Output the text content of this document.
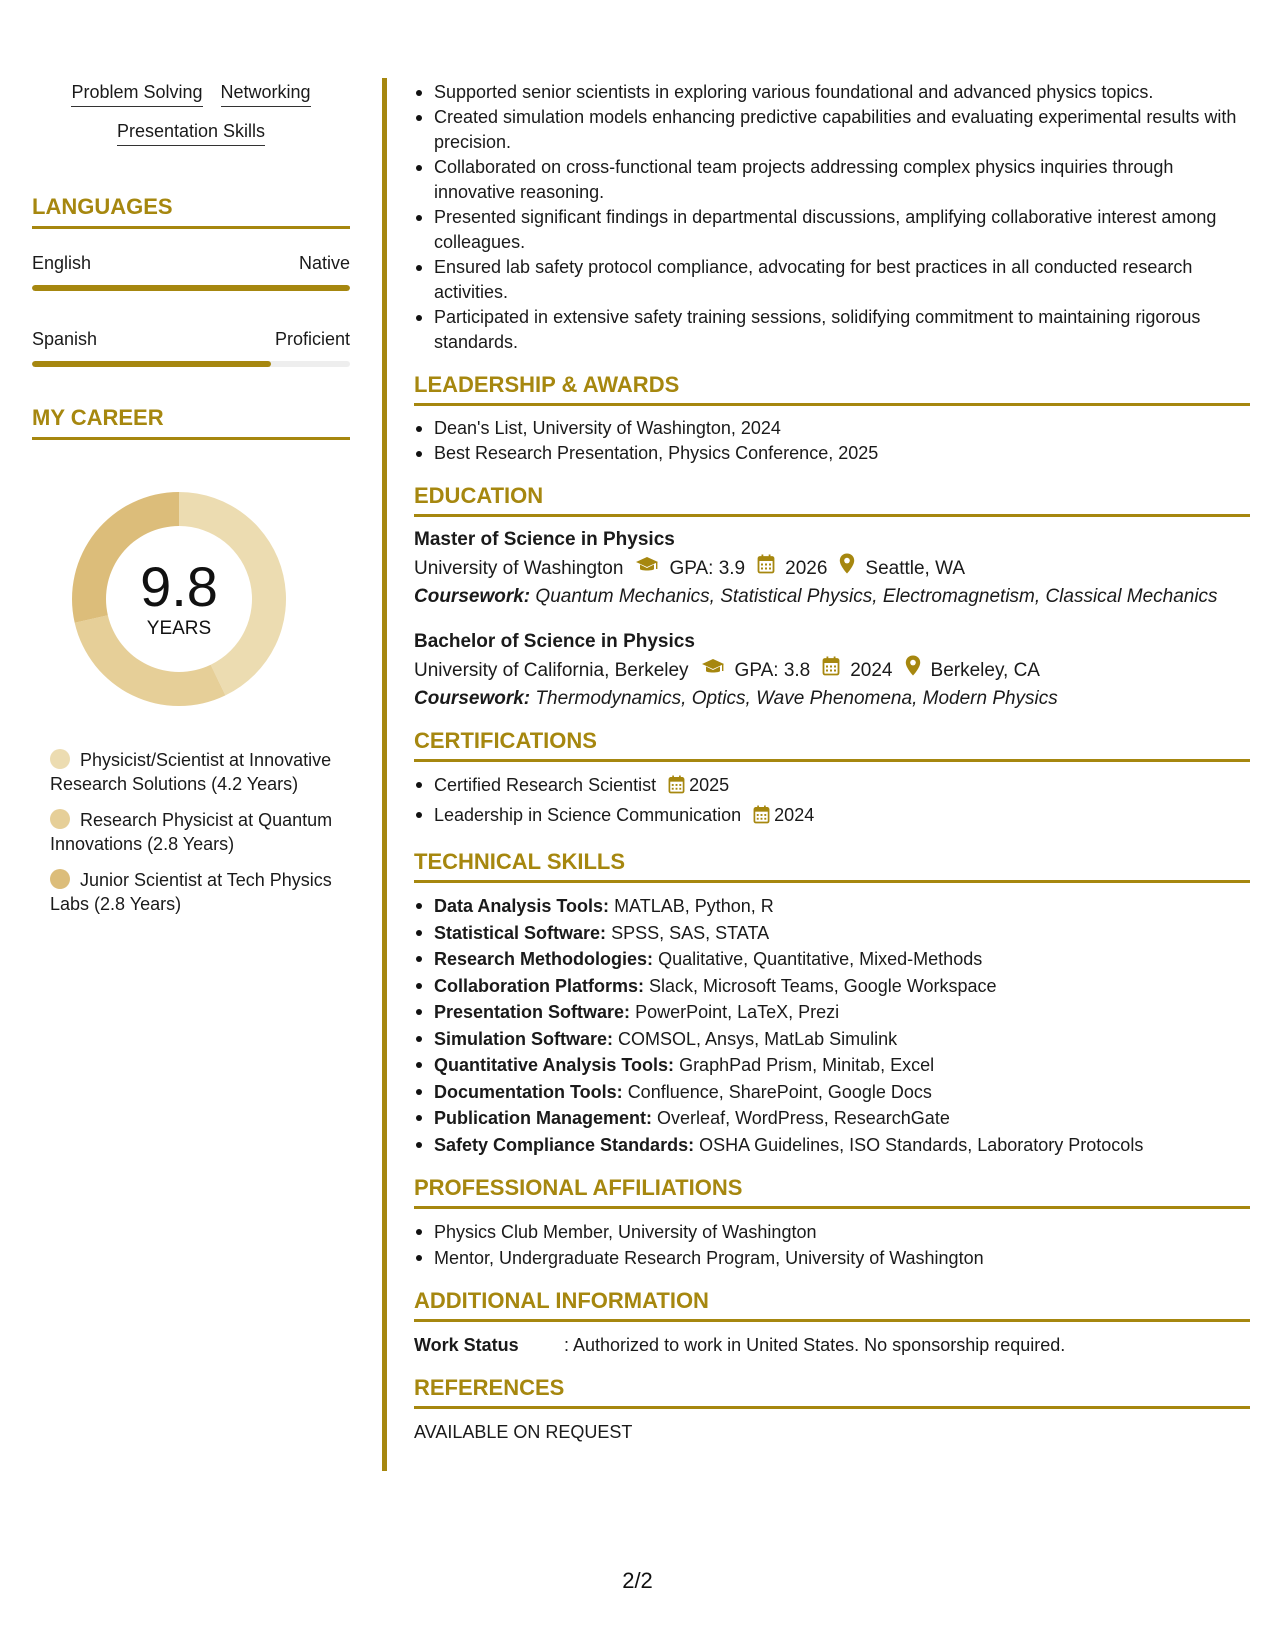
Problem Solving Networking
Presentation Skills
LANGUAGES
English	Native
Spanish	Proficient
MY CAREER
9.8
YEARS
Physicist/Scientist at Innovative Research Solutions (4.2 Years)
Research Physicist at Quantum Innovations (2.8 Years)
Junior Scientist at Tech Physics Labs (2.8 Years)
Supported senior scientists in exploring various foundational and advanced physics topics.
Created simulation models enhancing predictive capabilities and evaluating experimental results with precision.
Collaborated on cross-functional team projects addressing complex physics inquiries through innovative reasoning.
Presented significant findings in departmental discussions, amplifying collaborative interest among colleagues.
Ensured lab safety protocol compliance, advocating for best practices in all conducted research activities.
Participated in extensive safety training sessions, solidifying commitment to maintaining rigorous standards.
LEADERSHIP & AWARDS
Dean's List, University of Washington, 2024
Best Research Presentation, Physics Conference, 2025
EDUCATION
Master of Science in Physics
University of Washington GPA: 3.9 2026 Seattle, WA
Coursework: Quantum Mechanics, Statistical Physics, Electromagnetism, Classical Mechanics
Bachelor of Science in Physics
University of California, Berkeley GPA: 3.8 2024 Berkeley, CA
Coursework: Thermodynamics, Optics, Wave Phenomena, Modern Physics
CERTIFICATIONS
Certified Research Scientist 2025
Leadership in Science Communication 2024
TECHNICAL SKILLS
Data Analysis Tools: MATLAB, Python, R
Statistical Software: SPSS, SAS, STATA
Research Methodologies: Qualitative, Quantitative, Mixed-Methods
Collaboration Platforms: Slack, Microsoft Teams, Google Workspace
Presentation Software: PowerPoint, LaTeX, Prezi
Simulation Software: COMSOL, Ansys, MatLab Simulink
Quantitative Analysis Tools: GraphPad Prism, Minitab, Excel
Documentation Tools: Confluence, SharePoint, Google Docs
Publication Management: Overleaf, WordPress, ResearchGate
Safety Compliance Standards: OSHA Guidelines, ISO Standards, Laboratory Protocols
PROFESSIONAL AFFILIATIONS
Physics Club Member, University of Washington
Mentor, Undergraduate Research Program, University of Washington
ADDITIONAL INFORMATION
Work Status	: Authorized to work in United States. No sponsorship required.
REFERENCES
AVAILABLE ON REQUEST
2/2
